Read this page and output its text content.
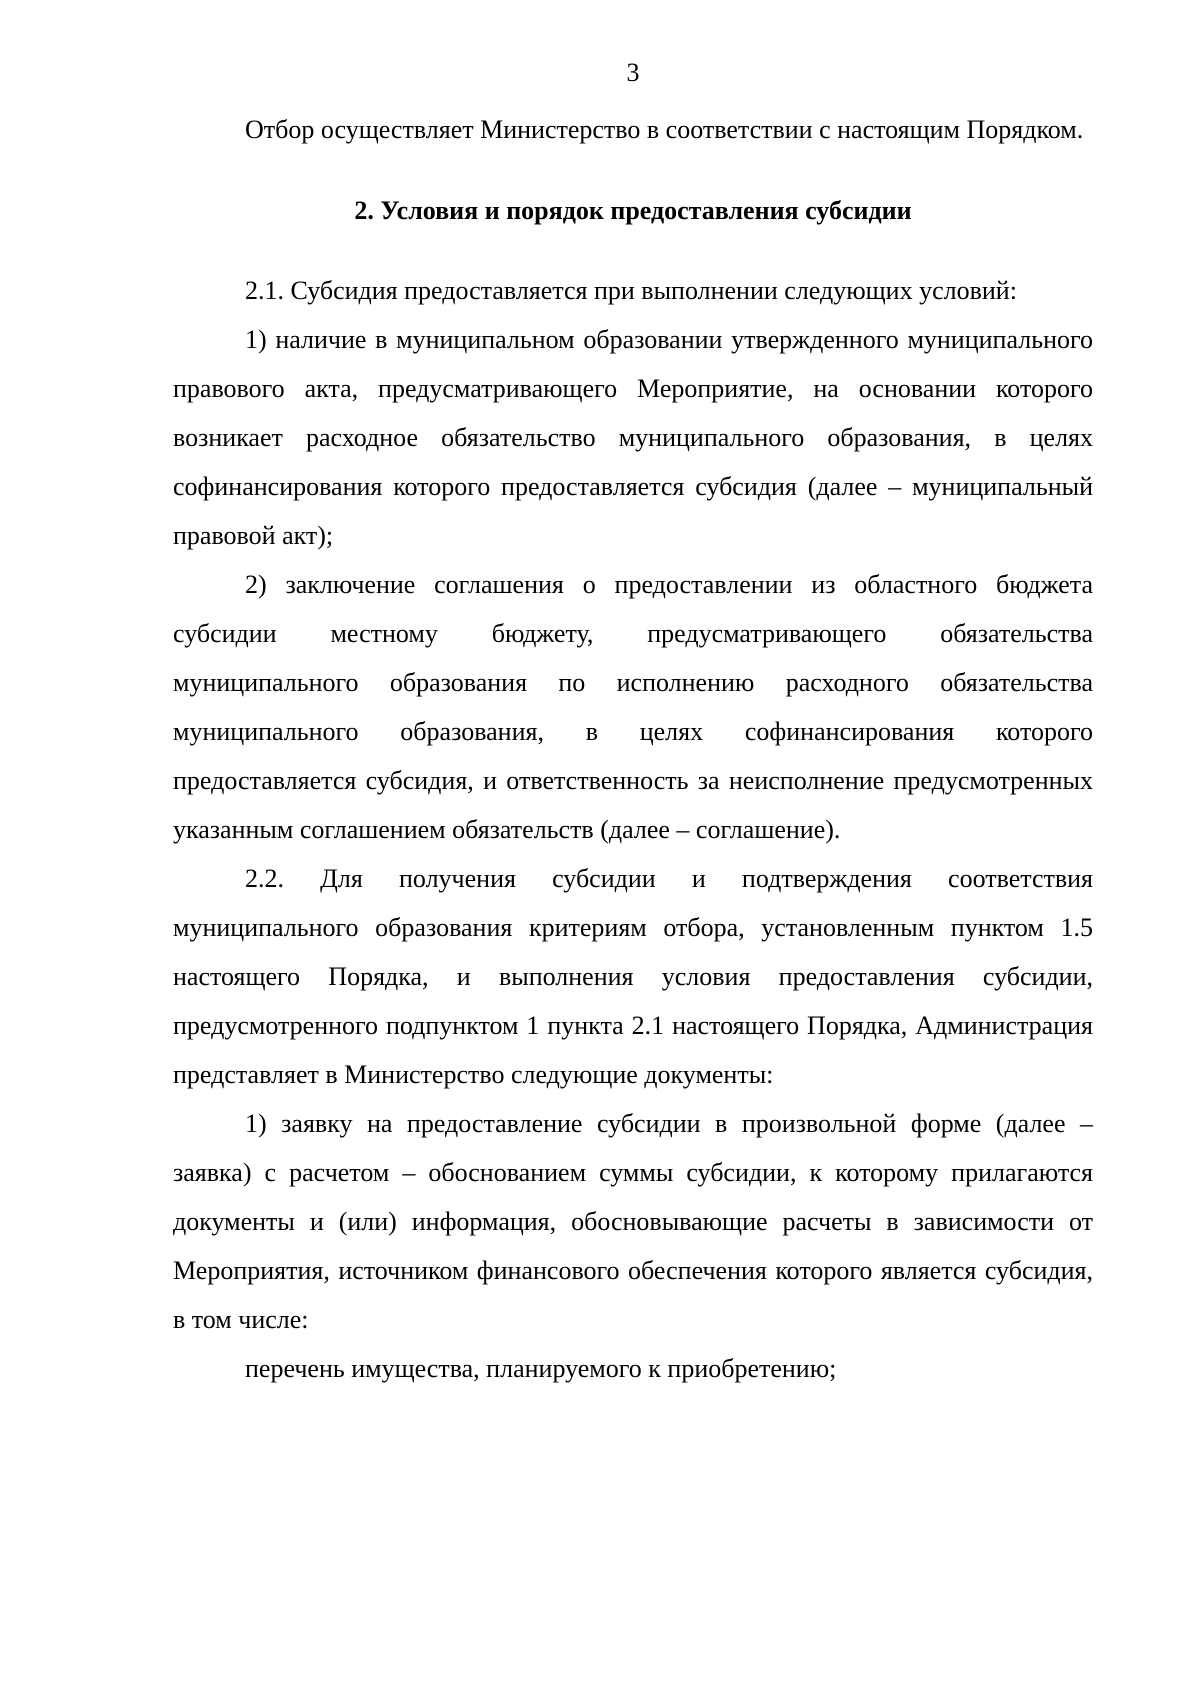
3

Отбор осуществляет Министерство в соответствии с настоящим Порядком.

2. Условия и порядок предоставления субсидии

2.1. Субсидия предоставляется при выполнении следующих условий:

1) наличие в муниципальном образовании утвержденного муниципального правового акта, предусматривающего Мероприятие, на основании которого возникает расходное обязательство муниципального образования, в целях софинансирования которого предоставляется субсидия (далее – муниципальный правовой акт);

2) заключение соглашения о предоставлении из областного бюджета субсидии местному бюджету, предусматривающего обязательства муниципального образования по исполнению расходного обязательства муниципального образования, в целях софинансирования которого предоставляется субсидия, и ответственность за неисполнение предусмотренных указанным соглашением обязательств (далее – соглашение).

2.2. Для получения субсидии и подтверждения соответствия муниципального образования критериям отбора, установленным пунктом 1.5 настоящего Порядка, и выполнения условия предоставления субсидии, предусмотренного подпунктом 1 пункта 2.1 настоящего Порядка, Администрация представляет в Министерство следующие документы:

1) заявку на предоставление субсидии в произвольной форме (далее – заявка) с расчетом – обоснованием суммы субсидии, к которому прилагаются документы и (или) информация, обосновывающие расчеты в зависимости от Мероприятия, источником финансового обеспечения которого является субсидия, в том числе:

перечень имущества, планируемого к приобретению;
